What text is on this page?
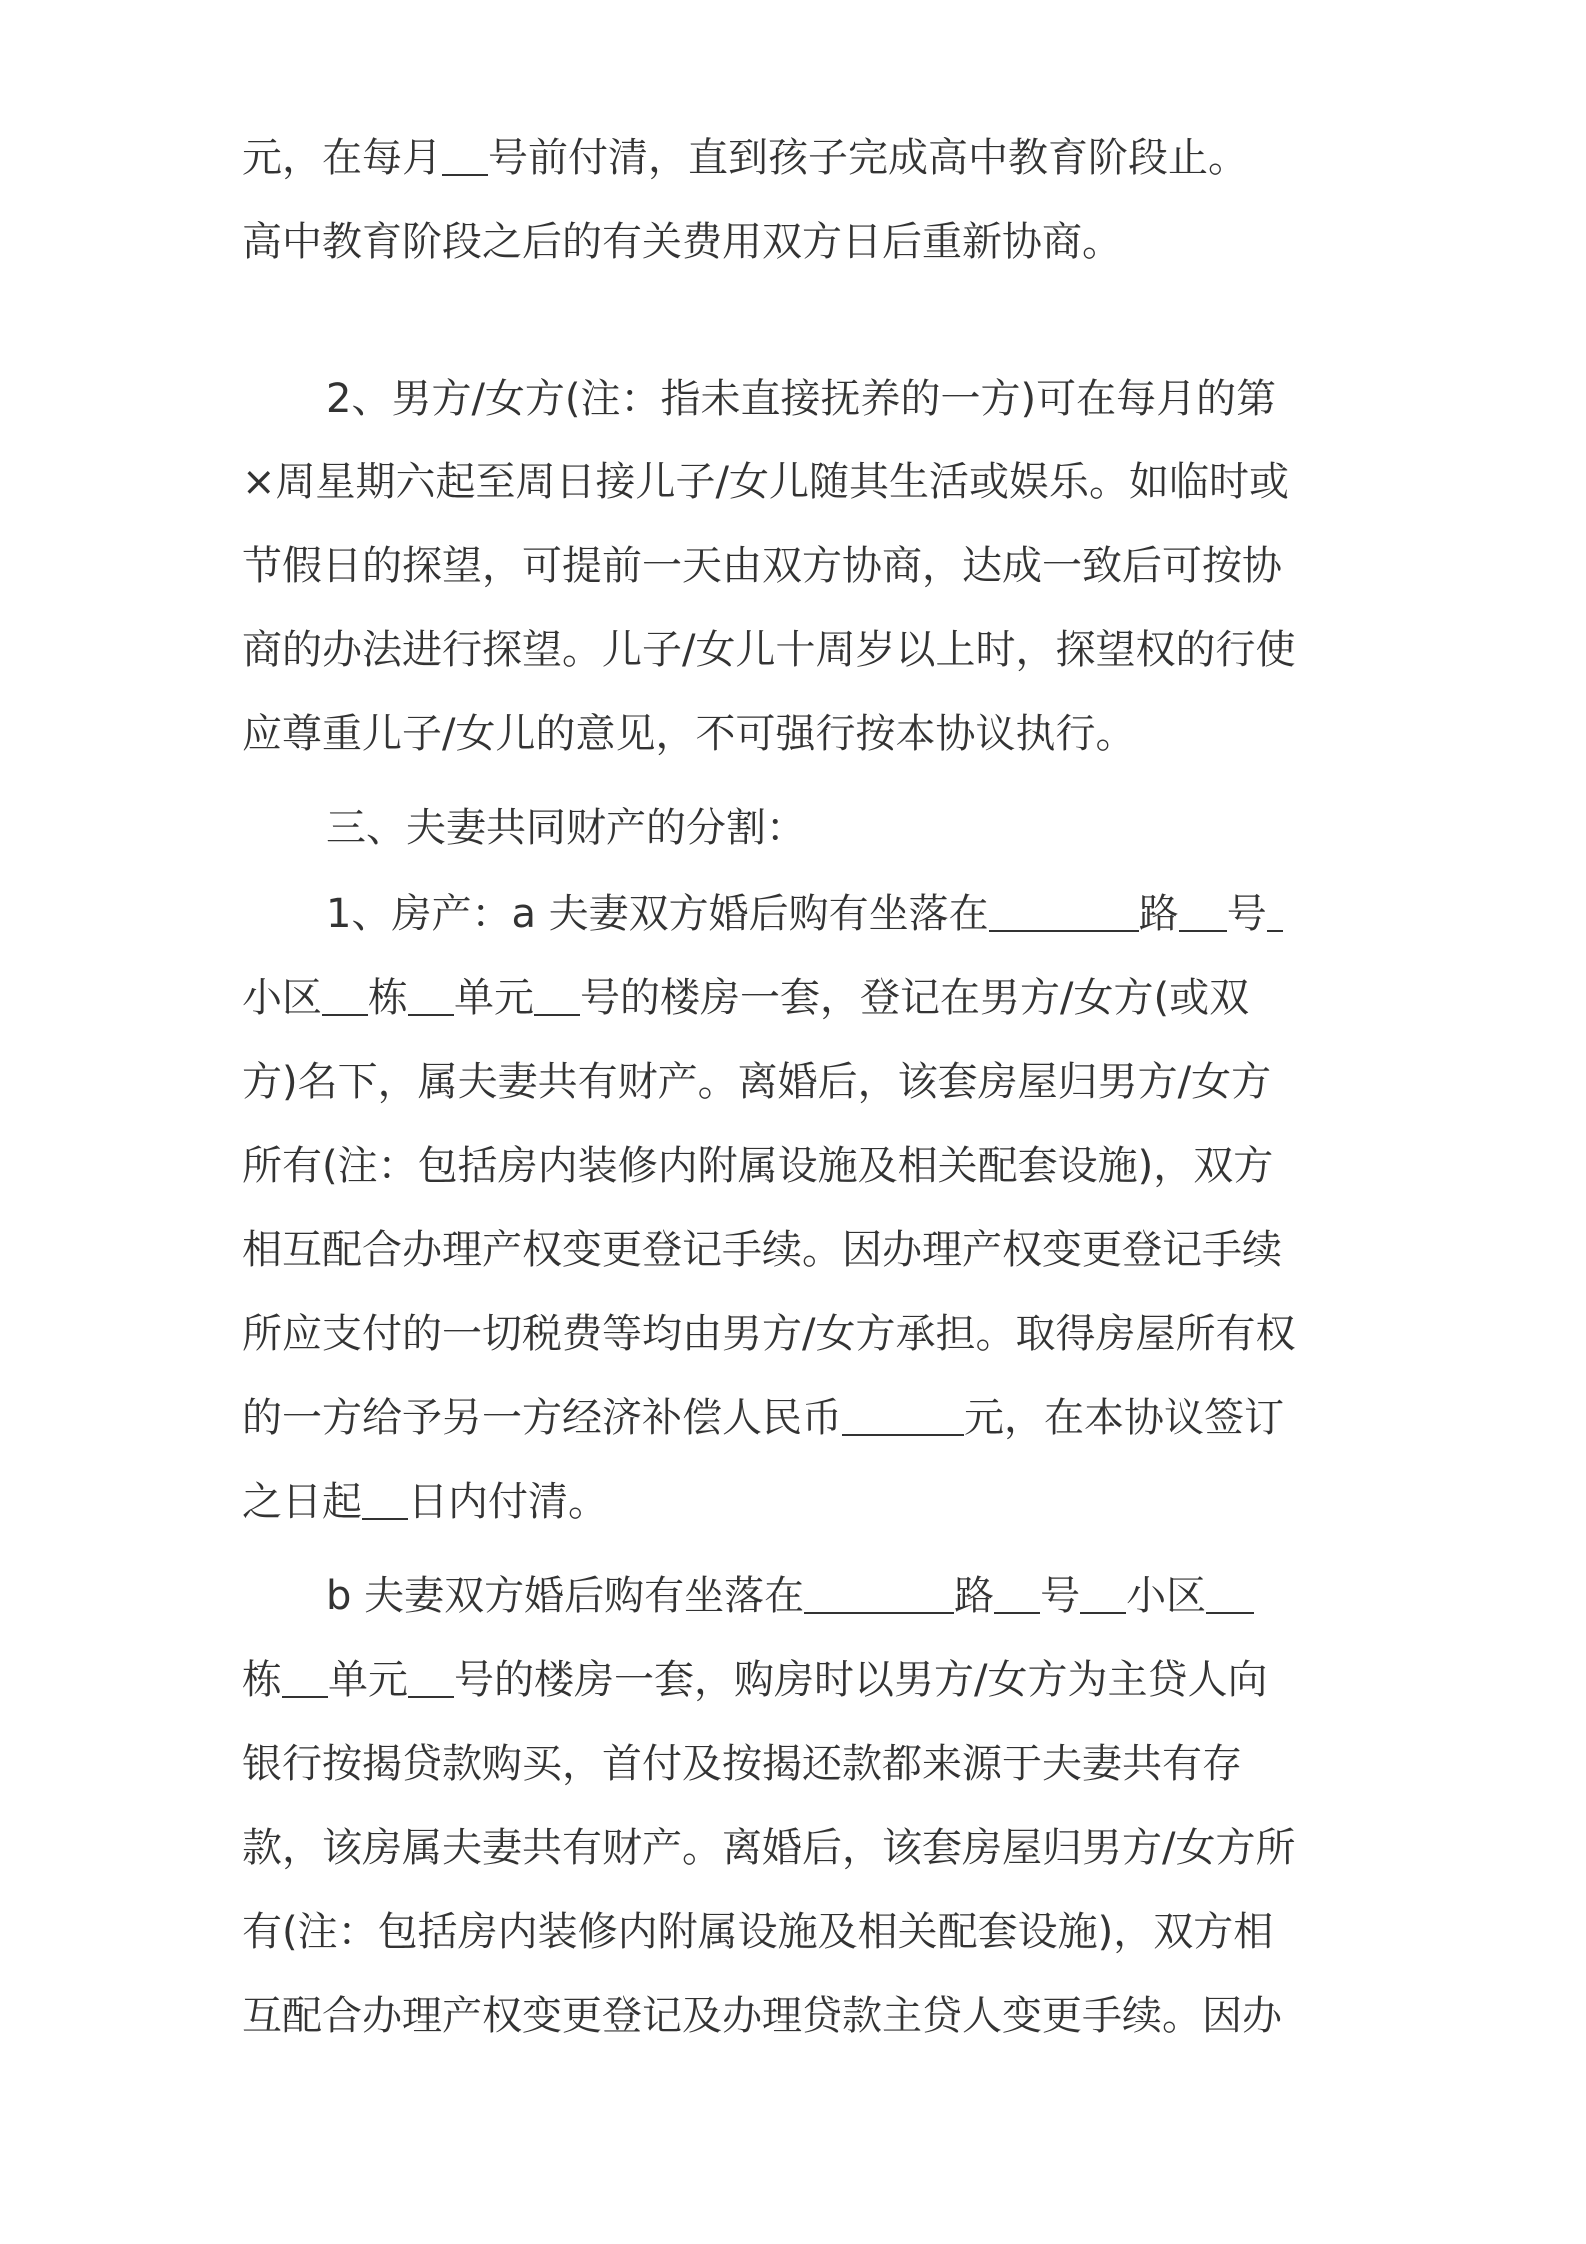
元，在每月 号前付清，直到孩子完成高中教育阶段止。
高中教育阶段之后的有关费用双方日后重新协商。
2、男方/女方(注：指未直接抚养的一方)可在每月的第
×周星期六起至周日接儿子/女儿随其生活或娱乐。如临时或
节假日的探望，可提前一天由双方协商，达成一致后可按协
商的办法进行探望。儿子/女儿十周岁以上时，探望权的行使
应尊重儿子/女儿的意见，不可强行按本协议执行。
三、夫妻共同财产的分割：
1、房产：a 夫妻双方婚后购有坐落在	路 号
小区 栋 单元 号的楼房一套，登记在男方/女方(或双
方)名下，属夫妻共有财产。离婚后，该套房屋归男方/女方
所有(注：包括房内装修内附属设施及相关配套设施)，双方
相互配合办理产权变更登记手续。因办理产权变更登记手续
所应支付的一切税费等均由男方/女方承担。取得房屋所有权
的一方给予另一方经济补偿人民币	元，在本协议签订
之日起 日内付清。
b 夫妻双方婚后购有坐落在	路 号 小区
栋 单元 号的楼房一套，购房时以男方/女方为主贷人向
银行按揭贷款购买，首付及按揭还款都来源于夫妻共有存
款，该房属夫妻共有财产。离婚后，该套房屋归男方/女方所
有(注：包括房内装修内附属设施及相关配套设施)，双方相
互配合办理产权变更登记及办理贷款主贷人变更手续。因办
